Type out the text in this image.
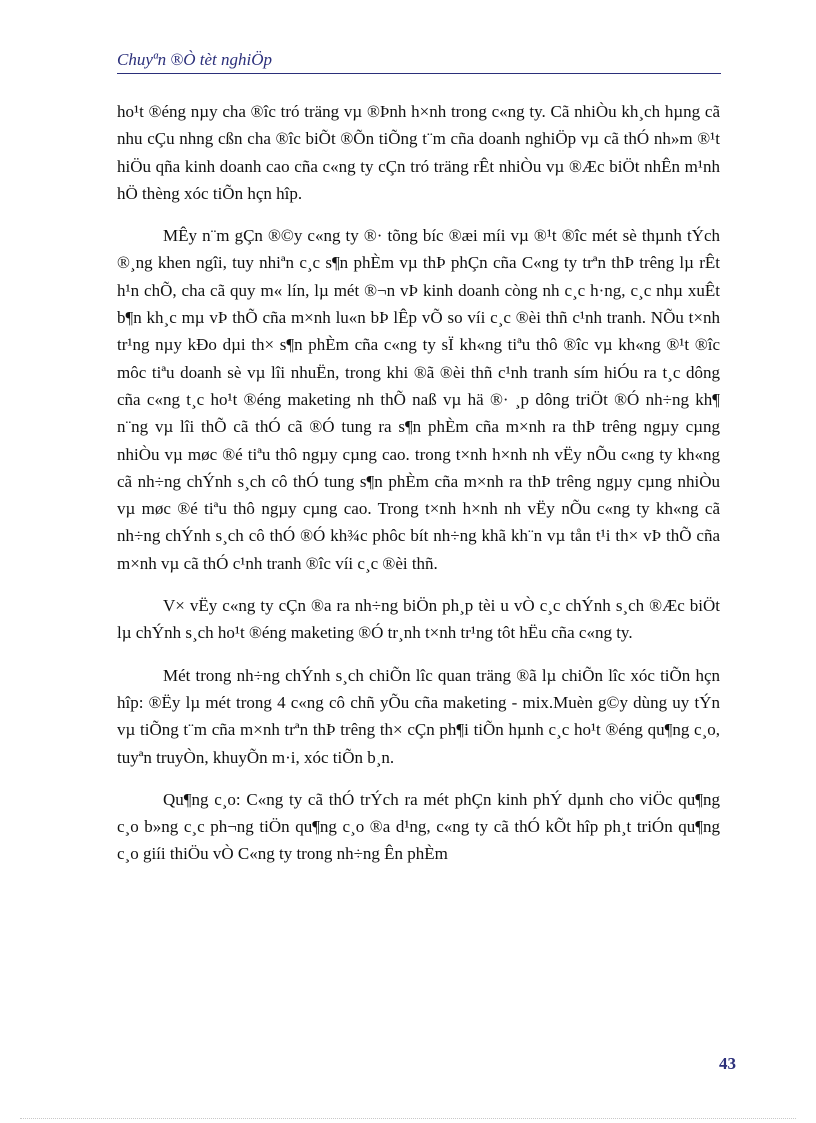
Chuyªn ®Ò tèt nghiÖp

ho¹t ®éng nµy cha ®îc tró träng vµ ®Þnh h×nh trong c«ng ty. Cã nhiÒu kh¸ch hµng cã nhu cÇu nhng cßn cha ®îc biÕt ®Õn tiÕng t¨m cña doanh nghiÖp vµ cã thÓ nh»m ®¹t hiÖu qña kinh doanh cao cña c«ng ty cÇn tró träng rÊt nhiÒu vµ ®Æc biÖt nhÊn m¹nh hÖ thèng xóc tiÕn hçn hîp.

MÊy n¨m gÇn ®©y c«ng ty ®· tõng bíc ®æi míi vµ ®¹t ®îc mét sè thµnh tÝch ®¸ng khen ngîi, tuy nhiªn c¸c s¶n phÈm vµ thÞ phÇn cña C«ng ty trªn thÞ trêng lµ rÊt h¹n chÕ, cha cã quy m« lín, lµ mét ®¬n vÞ kinh doanh còng nh c¸c h·ng, c¸c nhµ xuÊt b¶n kh¸c mµ vÞ thÕ cña m×nh lu«n bÞ lÊp vÕ so víi c¸c ®èi thñ c¹nh tranh. NÕu t×nh tr¹ng nµy kÐo dµi th× s¶n phÈm cña c«ng ty sÏ kh«ng tiªu thô ®îc vµ kh«ng ®¹t ®îc môc tiªu doanh sè vµ lîi nhuËn, trong khi ®ã ®èi thñ c¹nh tranh sím hiÓu ra t¸c dông cña c«ng t¸c ho¹t ®éng maketing nh thÕ naß vµ hä ®· ¸p dông triÖt ®Ó nh÷ng kh¶ n¨ng vµ lîi thÕ cã thÓ cã ®Ó tung ra s¶n phÈm cña m×nh ra thÞ trêng ngµy cµng nhiÒu vµ møc ®é tiªu thô ngµy cµng cao. trong t×nh h×nh nh vËy nÕu c«ng ty kh«ng cã nh÷ng chÝnh s¸ch cô thÓ tung s¶n phÈm cña m×nh ra thÞ trêng ngµy cµng nhiÒu vµ møc ®é tiªu thô ngµy cµng cao. Trong t×nh h×nh nh vËy nÕu c«ng ty kh«ng cã nh÷ng chÝnh s¸ch cô thÓ ®Ó kh¾c phôc bít nh÷ng khã kh¨n vµ tån t¹i th× vÞ thÕ cña m×nh vµ cã thÓ c¹nh tranh ®îc víi c¸c ®èi thñ.

V× vËy c«ng ty cÇn ®a ra nh÷ng biÖn ph¸p tèi u vÒ c¸c chÝnh s¸ch ®Æc biÖt lµ chÝnh s¸ch ho¹t ®éng maketing ®Ó tr¸nh t×nh tr¹ng tôt hËu cña c«ng ty.

Mét trong nh÷ng chÝnh s¸ch chiÕn lîc quan träng ®ã lµ chiÕn lîc xóc tiÕn hçn hîp: ®Ëy lµ mét trong 4 c«ng cô chñ yÕu cña maketing - mix.Muèn g©y dùng uy tÝn vµ tiÕng t¨m cña m×nh trªn thÞ trêng th× cÇn ph¶i tiÕn hµnh c¸c ho¹t ®éng qu¶ng c¸o, tuyªn truyÒn, khuyÕn m·i, xóc tiÕn b¸n.

Qu¶ng c¸o: C«ng ty cã thÓ trÝch ra mét phÇn kinh phÝ dµnh cho viÖc qu¶ng c¸o b»ng c¸c ph¬ng tiÖn qu¶ng c¸o ®a d¹ng, c«ng ty cã thÓ kÕt hîp ph¸t triÓn qu¶ng c¸o giíi thiÖu vÒ C«ng ty trong nh÷ng Ên phÈm

43
